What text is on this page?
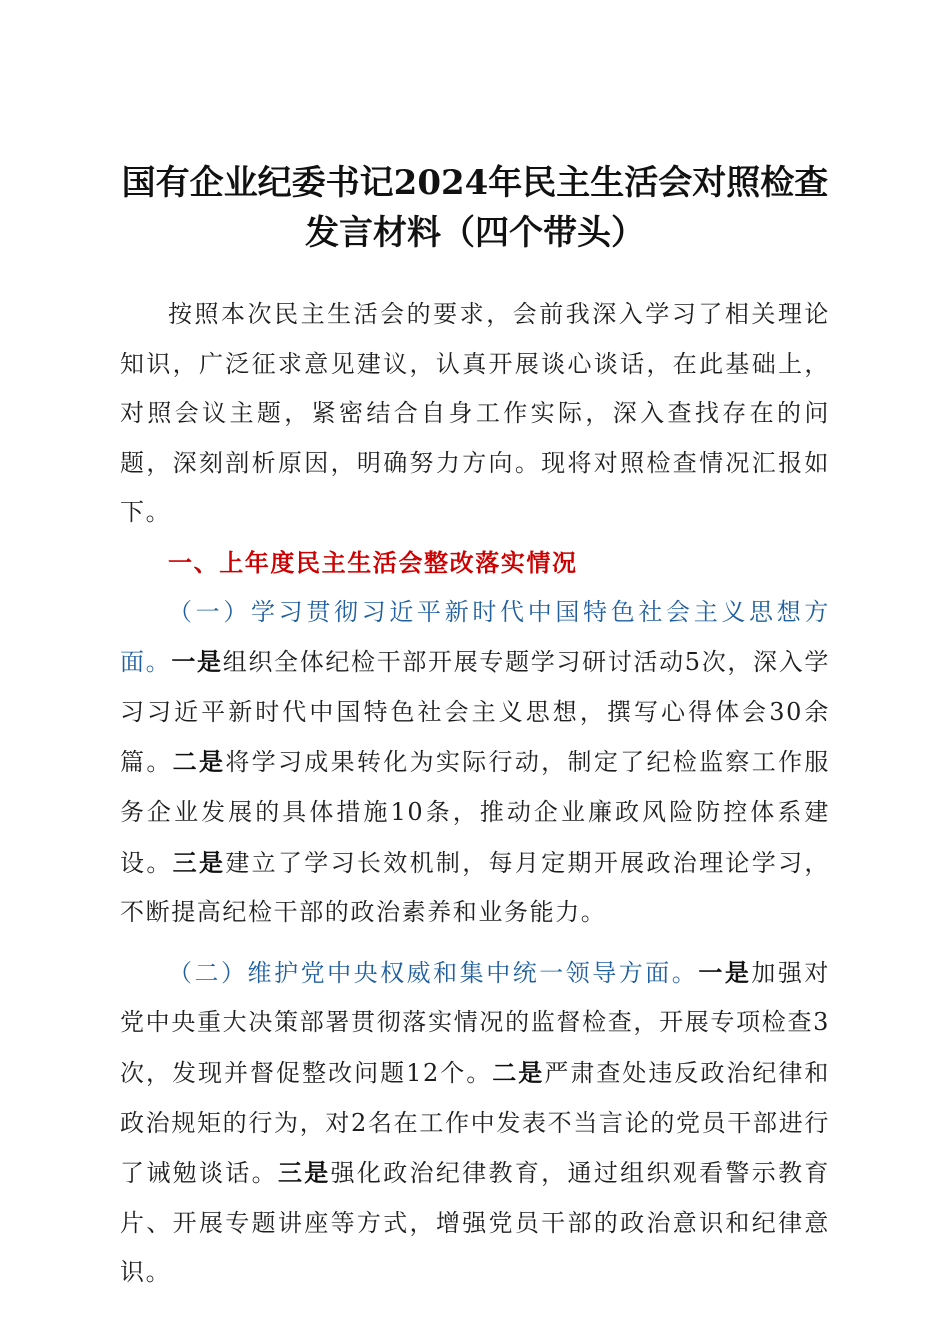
国有企业纪委书记2024年民主生活会对照检查
发言材料（四个带头）

按照本次民主生活会的要求，会前我深入学习了相关理论知识，广泛征求意见建议，认真开展谈心谈话，在此基础上，对照会议主题，紧密结合自身工作实际，深入查找存在的问题，深刻剖析原因，明确努力方向。现将对照检查情况汇报如下。

一、上年度民主生活会整改落实情况

（一）学习贯彻习近平新时代中国特色社会主义思想方面。一是组织全体纪检干部开展专题学习研讨活动5次，深入学习习近平新时代中国特色社会主义思想，撰写心得体会30余篇。二是将学习成果转化为实际行动，制定了纪检监察工作服务企业发展的具体措施10条，推动企业廉政风险防控体系建设。三是建立了学习长效机制，每月定期开展政治理论学习，不断提高纪检干部的政治素养和业务能力。

（二）维护党中央权威和集中统一领导方面。一是加强对党中央重大决策部署贯彻落实情况的监督检查，开展专项检查3次，发现并督促整改问题12个。二是严肃查处违反政治纪律和政治规矩的行为，对2名在工作中发表不当言论的党员干部进行了诫勉谈话。三是强化政治纪律教育，通过组织观看警示教育片、开展专题讲座等方式，增强党员干部的政治意识和纪律意识。
